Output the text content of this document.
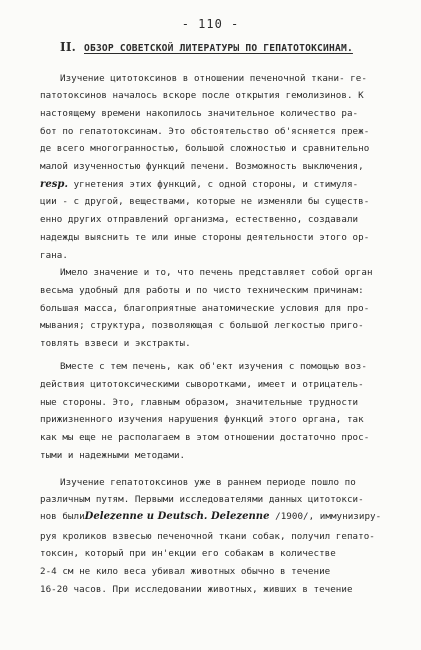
- 110 -
II. ОБЗОР СОВЕТСКОЙ ЛИТЕРАТУРЫ ПО ГЕПАТОТОКСИНАМ.
Изучение цитотоксинов в отношении печеночной ткани- ге-
патотоксинов началось вскоре после открытия гемолизинов. К
настоящему времени накопилось значительное количество ра-
бот по гепатотоксинам. Это обстоятельство об'ясняется преж-
де всего многогранностью, большой сложностью и сравнительно
малой изученностью функций печени. Возможность выключения,
resp. угнетения этих функций, с одной стороны, и стимуля-
ции - с другой, веществами, которые не изменяли бы существ-
енно других отправлений организма, естественно, создавали
надежды выяснить те или иные стороны деятельности этого ор-
гана.
Имело значение и то, что печень представляет собой орган
весьма удобный для работы и по чисто техническим причинам:
большая масса, благоприятные анатомические условия для про-
мывания; структура, позволяющая с большой легкостью приго-
товлять взвеси и экстракты.
Вместе с тем печень, как об'ект изучения с помощью воз-
действия цитотоксическими сыворотками, имеет и отрицатель-
ные стороны. Это, главным образом, значительные трудности
прижизненного изучения нарушения функций этого органа, так
как мы еще не располагаем в этом отношении достаточно прос-
тыми и надежными методами.
Изучение гепатотоксинов уже в раннем периоде пошло по
различным путям. Первыми исследователями данных цитотокси-
нов былиDelezenne и Deutsch. Delezenne /1900/, иммунизиру-
руя кроликов взвесью печеночной ткани собак, получил гепато-
токсин, который при ин'екции его собакам в количестве
2-4 см не кило веса убивал животных обычно в течение
16-20 часов. При исследовании животных, живших в течение
